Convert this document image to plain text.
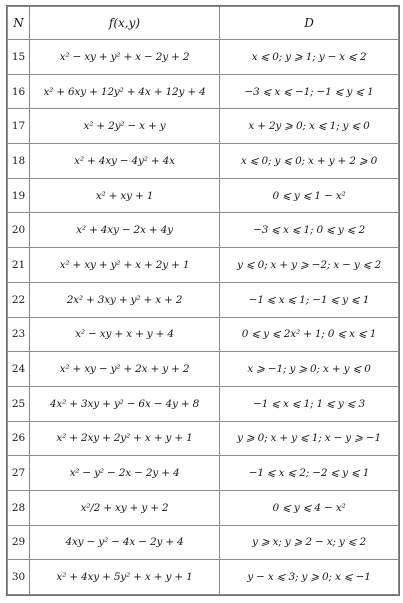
N	f(x,y)	D
15	x² − xy + y² + x − 2y + 2	x ⩽ 0; y ⩾ 1; y − x ⩽ 2
16	x² + 6xy + 12y² + 4x + 12y + 4	−3 ⩽ x ⩽ −1; −1 ⩽ y ⩽ 1
17	x² + 2y² − x + y	x + 2y ⩾ 0; x ⩽ 1; y ⩽ 0
18	x² + 4xy − 4y² + 4x	x ⩽ 0; y ⩽ 0; x + y + 2 ⩾ 0
19	x² + xy + 1	0 ⩽ y ⩽ 1 − x²
20	x² + 4xy − 2x + 4y	−3 ⩽ x ⩽ 1; 0 ⩽ y ⩽ 2
21	x² + xy + y² + x + 2y + 1	y ⩽ 0; x + y ⩾ −2; x − y ⩽ 2
22	2x² + 3xy + y² + x + 2	−1 ⩽ x ⩽ 1; −1 ⩽ y ⩽ 1
23	x² − xy + x + y + 4	0 ⩽ y ⩽ 2x² + 1; 0 ⩽ x ⩽ 1
24	x² + xy − y² + 2x + y + 2	x ⩾ −1; y ⩾ 0; x + y ⩽ 0
25	4x² + 3xy + y² − 6x − 4y + 8	−1 ⩽ x ⩽ 1; 1 ⩽ y ⩽ 3
26	x² + 2xy + 2y² + x + y + 1	y ⩾ 0; x + y ⩽ 1; x − y ⩾ −1
27	x² − y² − 2x − 2y + 4	−1 ⩽ x ⩽ 2; −2 ⩽ y ⩽ 1
28	x²/2 + xy + y + 2	0 ⩽ y ⩽ 4 − x²
29	4xy − y² − 4x − 2y + 4	y ⩾ x; y ⩾ 2 − x; y ⩽ 2
30	x² + 4xy + 5y² + x + y + 1	y − x ⩽ 3; y ⩾ 0; x ⩽ −1
